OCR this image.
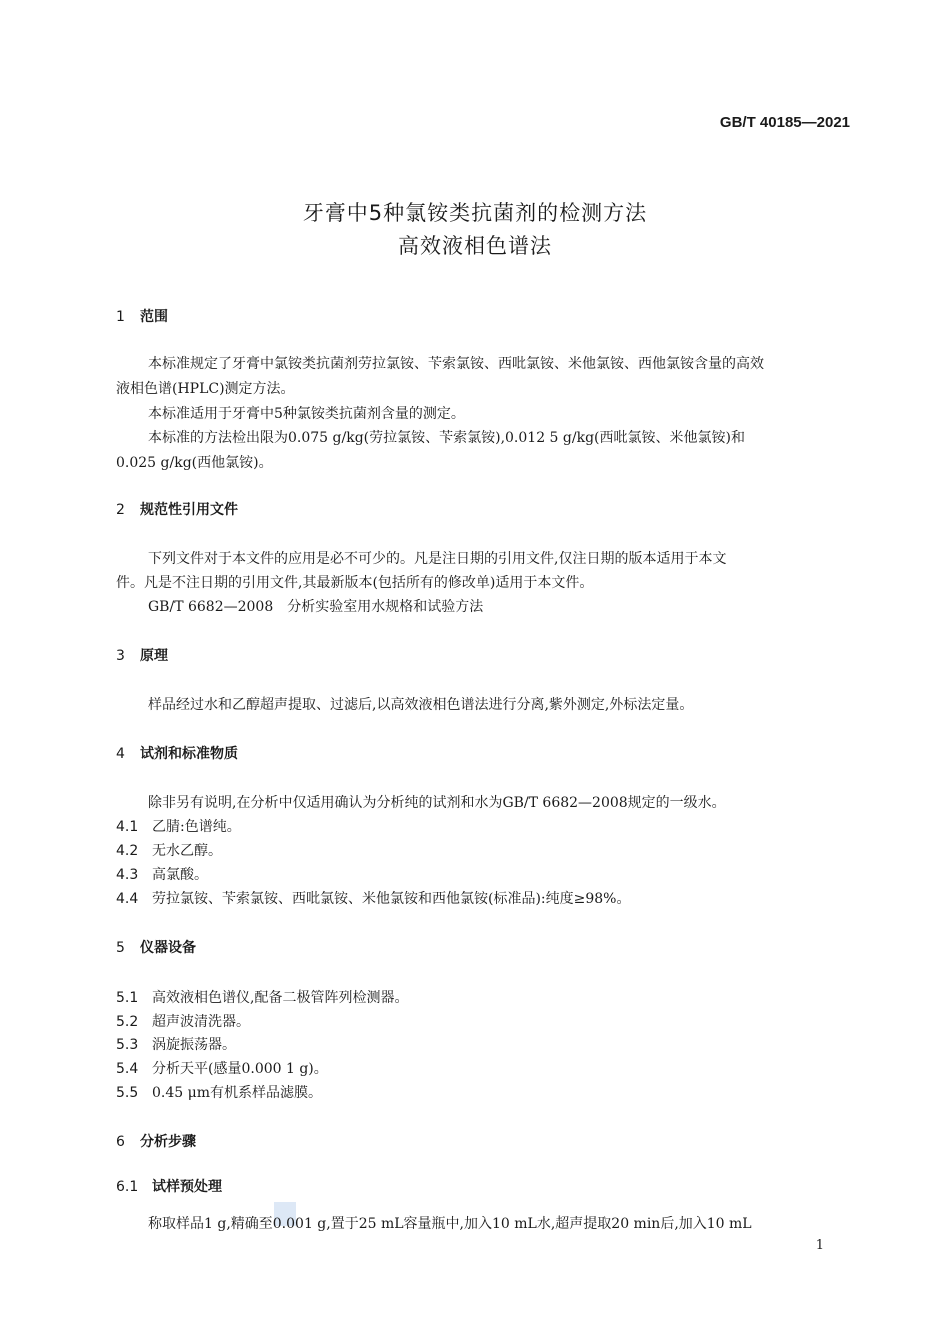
GB/T 40185—2021
牙膏中5种氯铵类抗菌剂的检测方法
高效液相色谱法
1 范围
本标准规定了牙膏中氯铵类抗菌剂劳拉氯铵、苄索氯铵、西吡氯铵、米他氯铵、西他氯铵含量的高效
液相色谱(HPLC)测定方法。
本标准适用于牙膏中5种氯铵类抗菌剂含量的测定。
本标准的方法检出限为0.075 g/kg(劳拉氯铵、苄索氯铵),0.012 5 g/kg(西吡氯铵、米他氯铵)和
0.025 g/kg(西他氯铵)。
2 规范性引用文件
下列文件对于本文件的应用是必不可少的。凡是注日期的引用文件,仅注日期的版本适用于本文
件。凡是不注日期的引用文件,其最新版本(包括所有的修改单)适用于本文件。
GB/T 6682—2008　分析实验室用水规格和试验方法
3 原理
样品经过水和乙醇超声提取、过滤后,以高效液相色谱法进行分离,紫外测定,外标法定量。
4 试剂和标准物质
除非另有说明,在分析中仅适用确认为分析纯的试剂和水为GB/T 6682—2008规定的一级水。
4.1 乙腈:色谱纯。
4.2 无水乙醇。
4.3 高氯酸。
4.4 劳拉氯铵、苄索氯铵、西吡氯铵、米他氯铵和西他氯铵(标准品):纯度≥98%。
5 仪器设备
5.1 高效液相色谱仪,配备二极管阵列检测器。
5.2 超声波清洗器。
5.3 涡旋振荡器。
5.4 分析天平(感量0.000 1 g)。
5.5 0.45 μm有机系样品滤膜。
6 分析步骤
6.1 试样预处理
称取样品1 g,精确至0.001 g,置于25 mL容量瓶中,加入10 mL水,超声提取20 min后,加入10 mL
1
